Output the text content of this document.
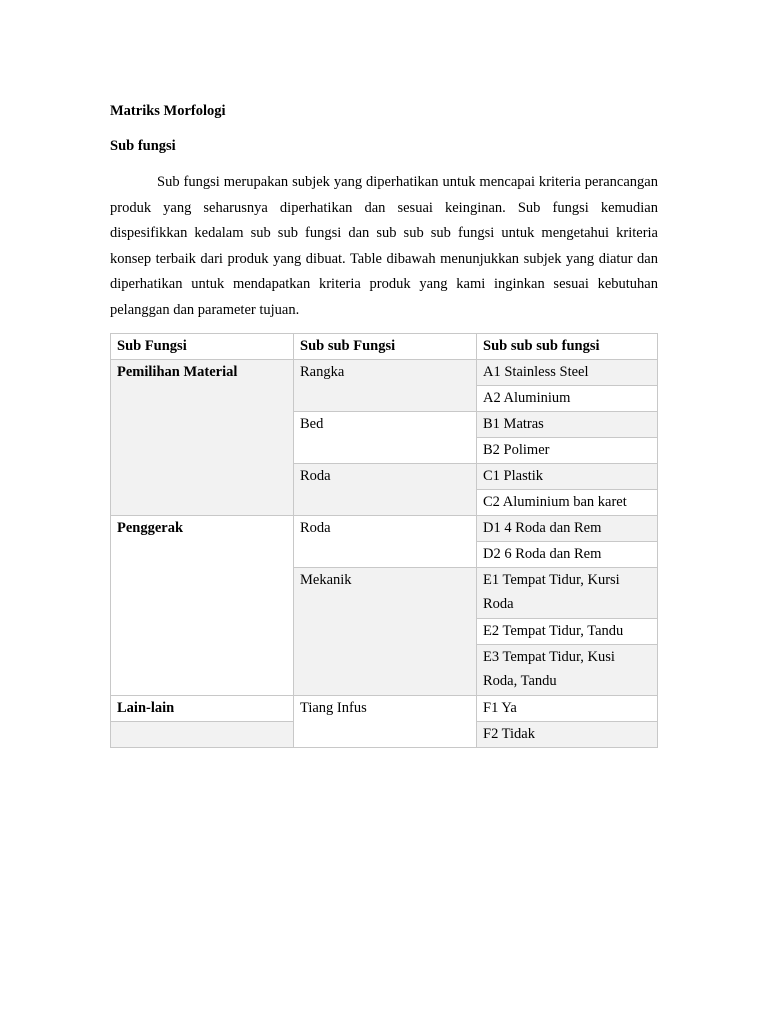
Matriks Morfologi
Sub fungsi
Sub fungsi merupakan subjek yang diperhatikan untuk mencapai kriteria perancangan produk yang seharusnya diperhatikan dan sesuai keinginan. Sub fungsi kemudian dispesifikkan kedalam sub sub fungsi dan sub sub sub fungsi untuk mengetahui kriteria konsep terbaik dari produk yang dibuat. Table dibawah menunjukkan subjek yang diatur dan diperhatikan untuk mendapatkan kriteria produk yang kami inginkan sesuai kebutuhan pelanggan dan parameter tujuan.
Sub Fungsi	Sub sub Fungsi	Sub sub sub fungsi
Pemilihan Material	Rangka	A1 Stainless Steel
		A2 Aluminium
	Bed	B1 Matras
		B2 Polimer
	Roda	C1 Plastik
		C2 Aluminium ban karet
Penggerak	Roda	D1 4 Roda dan Rem
		D2 6 Roda dan Rem
	Mekanik	E1 Tempat Tidur, Kursi Roda
		E2 Tempat Tidur, Tandu
		E3 Tempat Tidur, Kusi Roda, Tandu
Lain-lain	Tiang Infus	F1 Ya
		F2 Tidak
